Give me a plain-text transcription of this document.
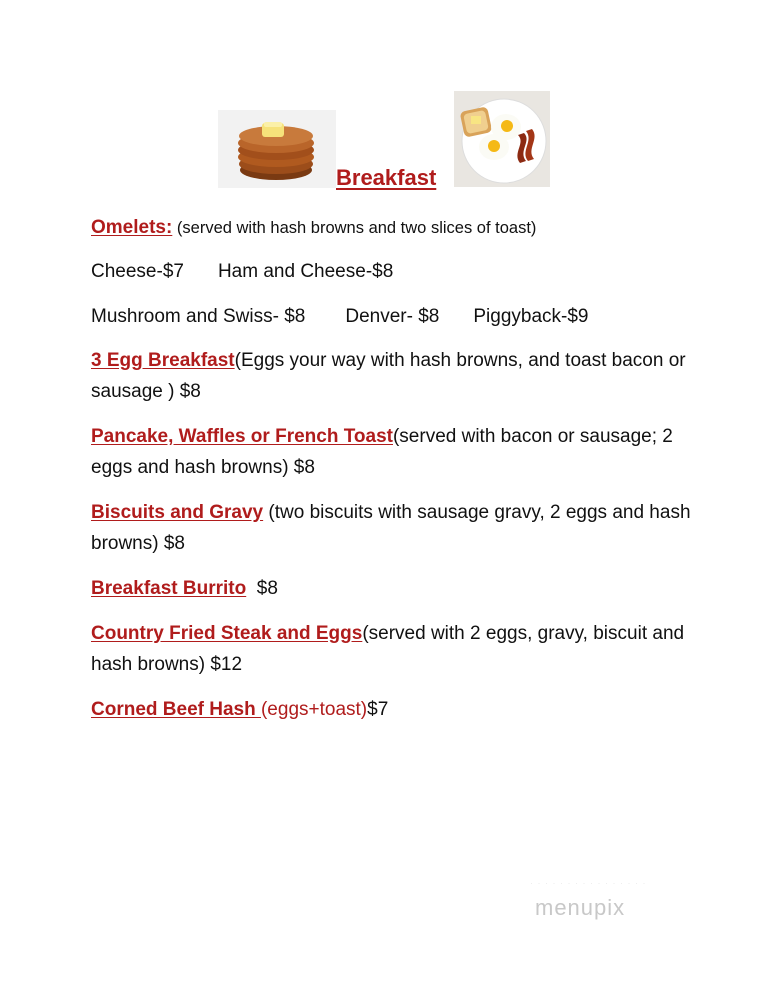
Breakfast

Omelets: (served with hash browns and two slices of toast)

Cheese-$7 Ham and Cheese-$8

Mushroom and Swiss- $8 Denver- $8 Piggyback-$9

3 Egg Breakfast(Eggs your way with hash browns, and toast bacon or sausage ) $8

Pancake, Waffles or French Toast(served with bacon or sausage; 2 eggs and hash browns) $8

Biscuits and Gravy (two biscuits with sausage gravy, 2 eggs and hash browns) $8

Breakfast Burrito  $8

Country Fried Steak and Eggs(served with 2 eggs, gravy, biscuit and hash browns) $12

Corned Beef Hash (eggs+toast)$7

· · · · · · · · · · · · · · · ·
menupix
